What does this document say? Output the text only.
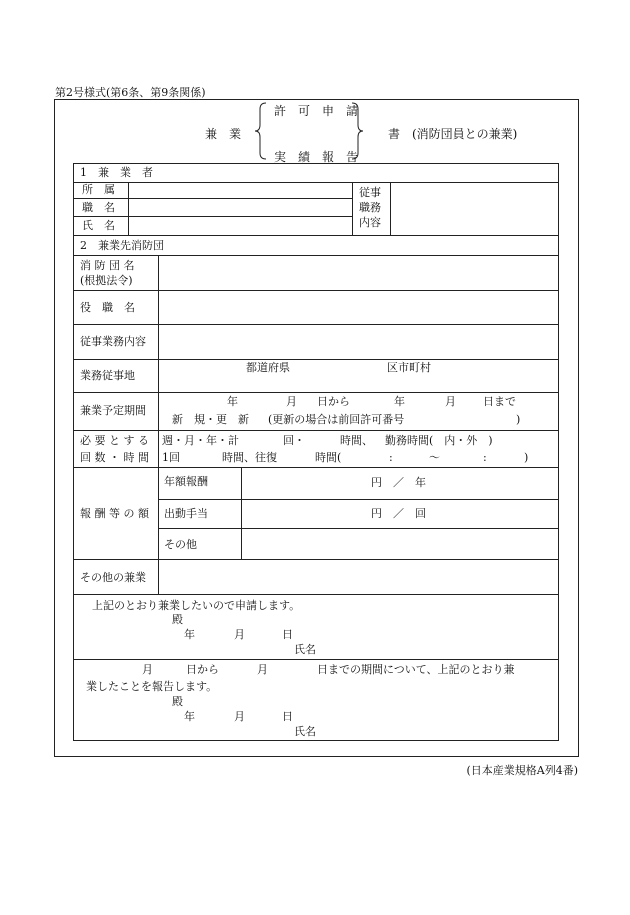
第2号様式(第6条、第9条関係)
兼　業
許　可　申　請
実　績　報　告
書　(消防団員との兼業)
1　兼　業　者
所　属
職　名
氏　名
従事
職務
内容
2　兼業先消防団
消 防 団 名
(根拠法令)
役　職　名
従事業務内容
業務従事地
都道府県	区市町村
兼業予定期間
年	月 日から	年	月 日まで
新　規・更　新 (更新の場合は前回許可番号	)
必 要 と す る
回 数 ・ 時 間
週・月・年・計	回・	時間、 勤務時間(　内・外　)
1回	時間、往復	時間(	:	〜	:	)
報 酬 等 の 額
年額報酬	円　／　年
出動手当	円　／　回
その他
その他の兼業
上記のとおり兼業したいので申請します。
殿
年	月	日
氏名
月	日から	月	日までの期間について、上記のとおり兼
業したことを報告します。
殿
年	月	日
氏名
(日本産業規格A列4番)
